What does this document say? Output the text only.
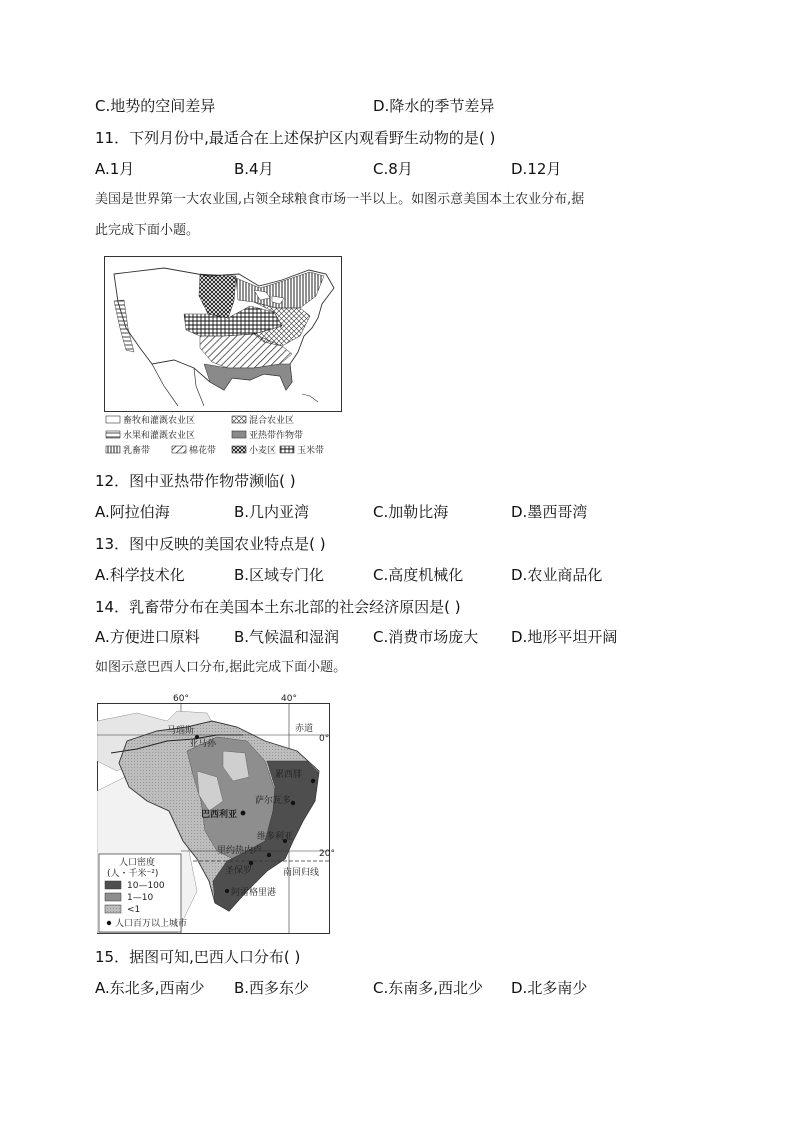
C.地势的空间差异	D.降水的季节差异
11．下列月份中,最适合在上述保护区内观看野生动物的是( )
A.1月	B.4月	C.8月	D.12月
美国是世界第一大农业国,占领全球粮食市场一半以上。如图示意美国本土农业分布,据
此完成下面小题。
畜牧和灌溉农业区	混合农业区
水果和灌溉农业区	亚热带作物带
乳畜带	棉花带	小麦区 玉米带
12．图中亚热带作物带濒临( )
A.阿拉伯海	B.几内亚湾	C.加勒比海	D.墨西哥湾
13．图中反映的美国农业特点是( )
A.科学技术化	B.区域专门化	C.高度机械化	D.农业商品化
14．乳畜带分布在美国本土东北部的社会经济原因是( )
A.方便进口原料 B.气候温和湿润 C.消费市场庞大 D.地形平坦开阔
如图示意巴西人口分布,据此完成下面小题。
60°	40°
亚马孙
赤道
0°
20°
南回归线
马瑙斯
累西腓
萨尔瓦多
巴西利亚
维多利亚
里约热内卢
圣保罗
阿雷格里港
人口密度
(人・千米⁻²)
10—100
1—10
<1
人口百万以上城市
15．据图可知,巴西人口分布( )
A.东北多,西南少 B.西多东少	C.东南多,西北少 D.北多南少
